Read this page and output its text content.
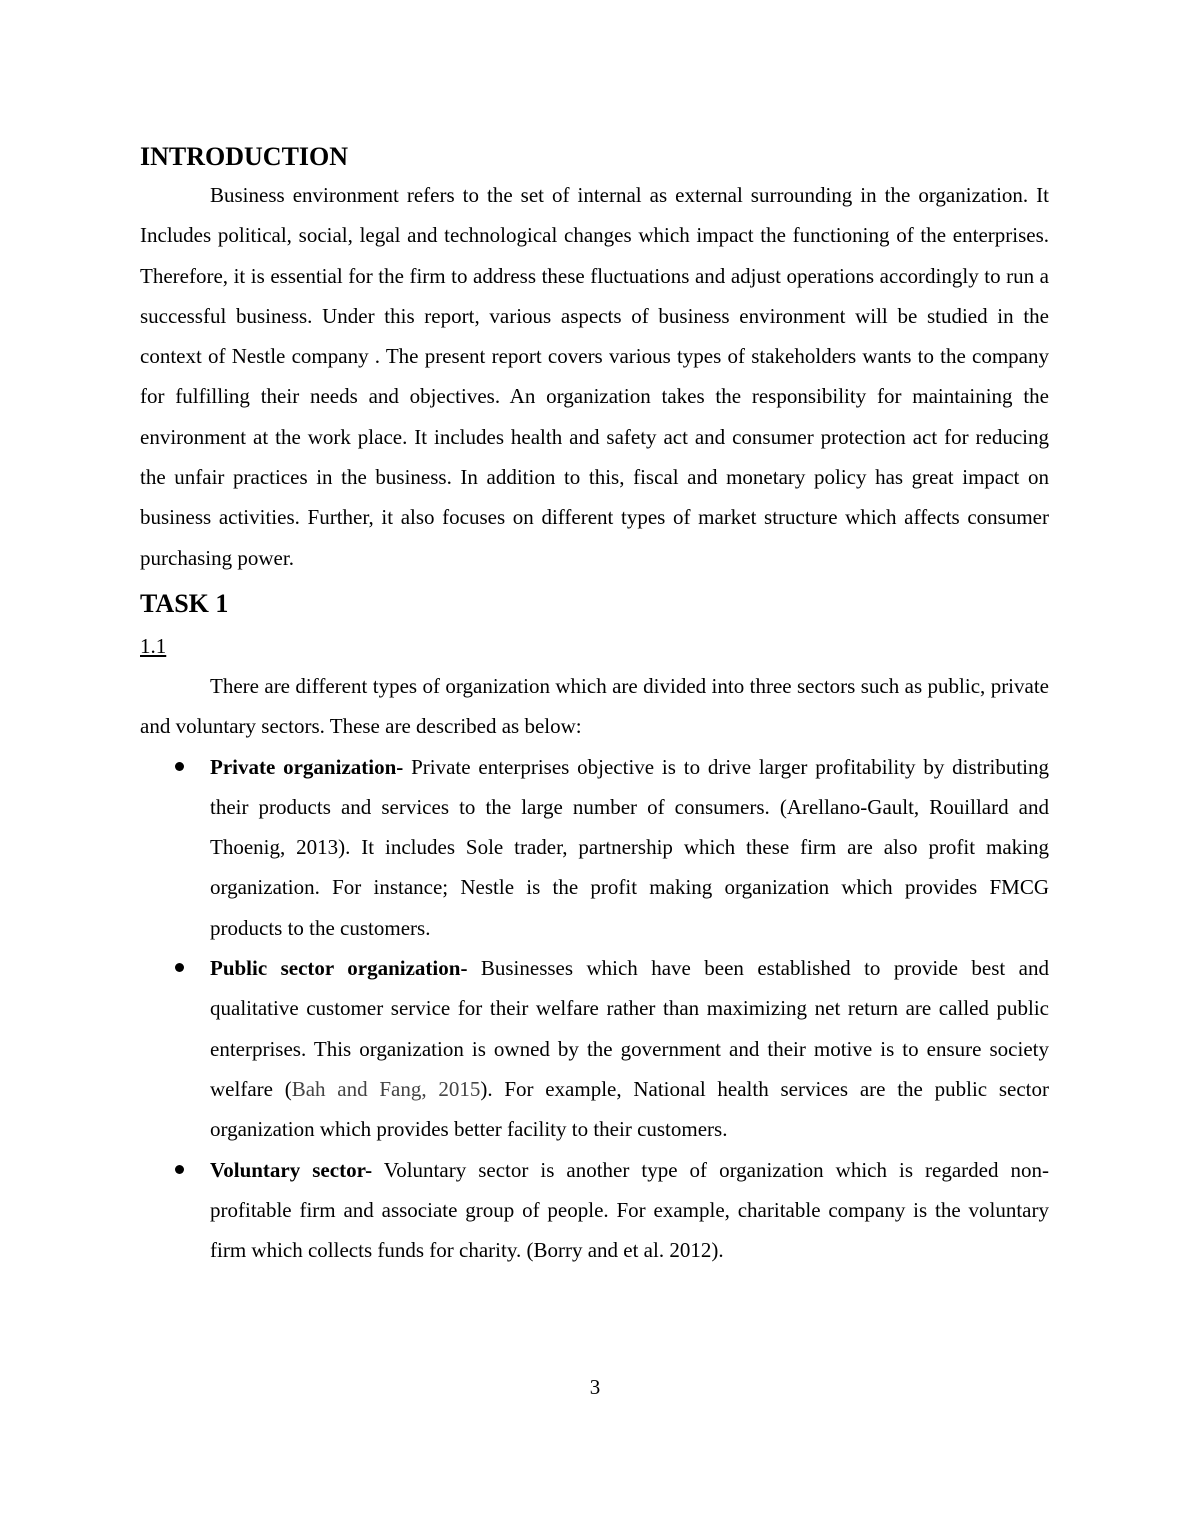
INTRODUCTION

Business environment refers to the set of internal as external surrounding in the organization. It Includes political, social, legal and technological changes which impact the functioning of the enterprises. Therefore, it is essential for the firm to address these fluctuations and adjust operations accordingly to run a successful business. Under this report, various aspects of business environment will be studied in the context of Nestle company . The present report covers various types of stakeholders wants to the company for fulfilling their needs and objectives. An organization takes the responsibility for maintaining the environment at the work place. It includes health and safety act and consumer protection act for reducing the unfair practices in the business. In addition to this, fiscal and monetary policy has great impact on business activities. Further, it also focuses on different types of market structure which affects consumer purchasing power.

TASK 1
1.1

There are different types of organization which are divided into three sectors such as public, private and voluntary sectors. These are described as below:

Private organization- Private enterprises objective is to drive larger profitability by distributing their products and services to the large number of consumers. (Arellano-Gault, Rouillard and Thoenig, 2013). It includes Sole trader, partnership which these firm are also profit making organization. For instance; Nestle is the profit making organization which provides FMCG products to the customers.
Public sector organization- Businesses which have been established to provide best and qualitative customer service for their welfare rather than maximizing net return are called public enterprises. This organization is owned by the government and their motive is to ensure society welfare (Bah and Fang, 2015). For example, National health services are the public sector organization which provides better facility to their customers.
Voluntary sector- Voluntary sector is another type of organization which is regarded non- profitable firm and associate group of people. For example, charitable company is the voluntary firm which collects funds for charity. (Borry and et al. 2012).
3
